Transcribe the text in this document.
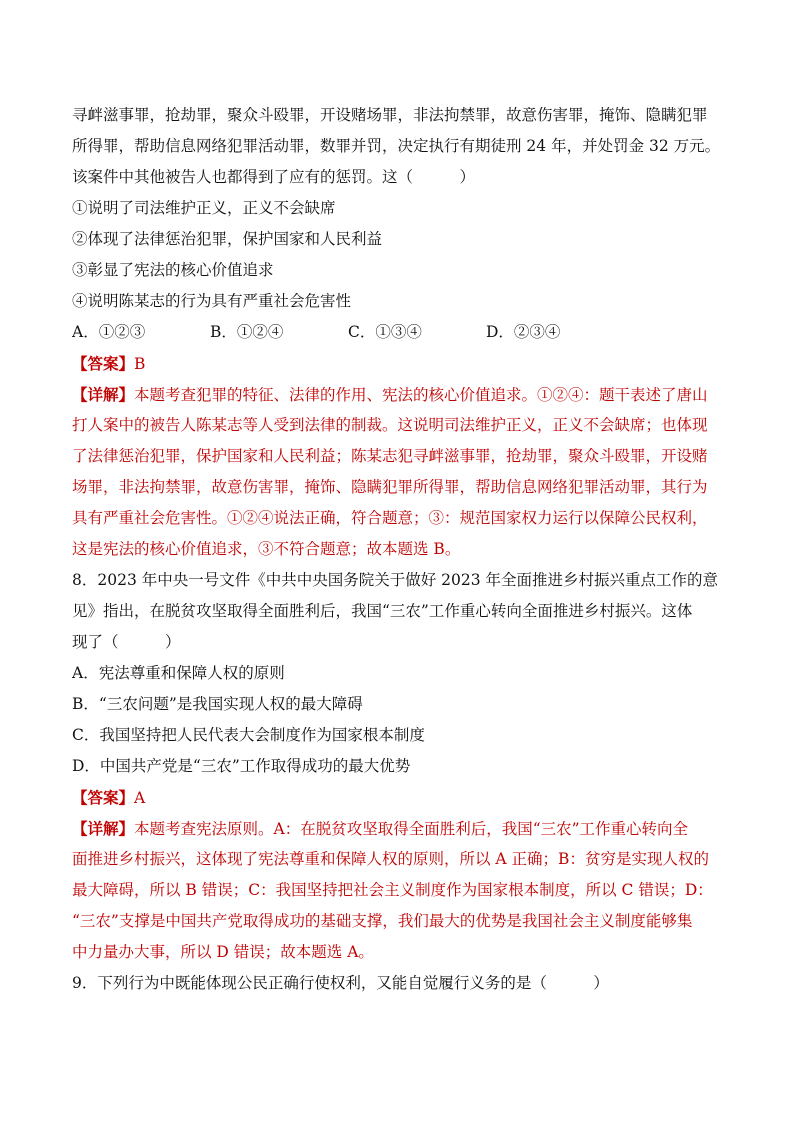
寻衅滋事罪，抢劫罪，聚众斗殴罪，开设赌场罪，非法拘禁罪，故意伤害罪，掩饰、隐瞒犯罪
所得罪，帮助信息网络犯罪活动罪，数罪并罚，决定执行有期徒刑 24 年，并处罚金 32 万元。
该案件中其他被告人也都得到了应有的惩罚。这（　　　）
①说明了司法维护正义，正义不会缺席
②体现了法律惩治犯罪，保护国家和人民利益
③彰显了宪法的核心价值追求
④说明陈某志的行为具有严重社会危害性
A．①②③	B．①②④	C．①③④	D．②③④
【答案】B
【详解】本题考查犯罪的特征、法律的作用、宪法的核心价值追求。①②④：题干表述了唐山
打人案中的被告人陈某志等人受到法律的制裁。这说明司法维护正义，正义不会缺席；也体现
了法律惩治犯罪，保护国家和人民利益；陈某志犯寻衅滋事罪，抢劫罪，聚众斗殴罪，开设赌
场罪，非法拘禁罪，故意伤害罪，掩饰、隐瞒犯罪所得罪，帮助信息网络犯罪活动罪，其行为
具有严重社会危害性。①②④说法正确，符合题意；③：规范国家权力运行以保障公民权利，
这是宪法的核心价值追求，③不符合题意；故本题选 B。
8．2023 年中央一号文件《中共中央国务院关于做好 2023 年全面推进乡村振兴重点工作的意
见》指出，在脱贫攻坚取得全面胜利后，我国“三农”工作重心转向全面推进乡村振兴。这体
现了（　　　）
A．宪法尊重和保障人权的原则
B．“三农问题”是我国实现人权的最大障碍
C．我国坚持把人民代表大会制度作为国家根本制度
D．中国共产党是“三农”工作取得成功的最大优势
【答案】A
【详解】本题考查宪法原则。A：在脱贫攻坚取得全面胜利后，我国“三农”工作重心转向全
面推进乡村振兴，这体现了宪法尊重和保障人权的原则，所以 A 正确；B：贫穷是实现人权的
最大障碍，所以 B 错误；C：我国坚持把社会主义制度作为国家根本制度，所以 C 错误；D：
“三农”支撑是中国共产党取得成功的基础支撑，我们最大的优势是我国社会主义制度能够集
中力量办大事，所以 D 错误；故本题选 A。
9．下列行为中既能体现公民正确行使权利，又能自觉履行义务的是（　　　）
